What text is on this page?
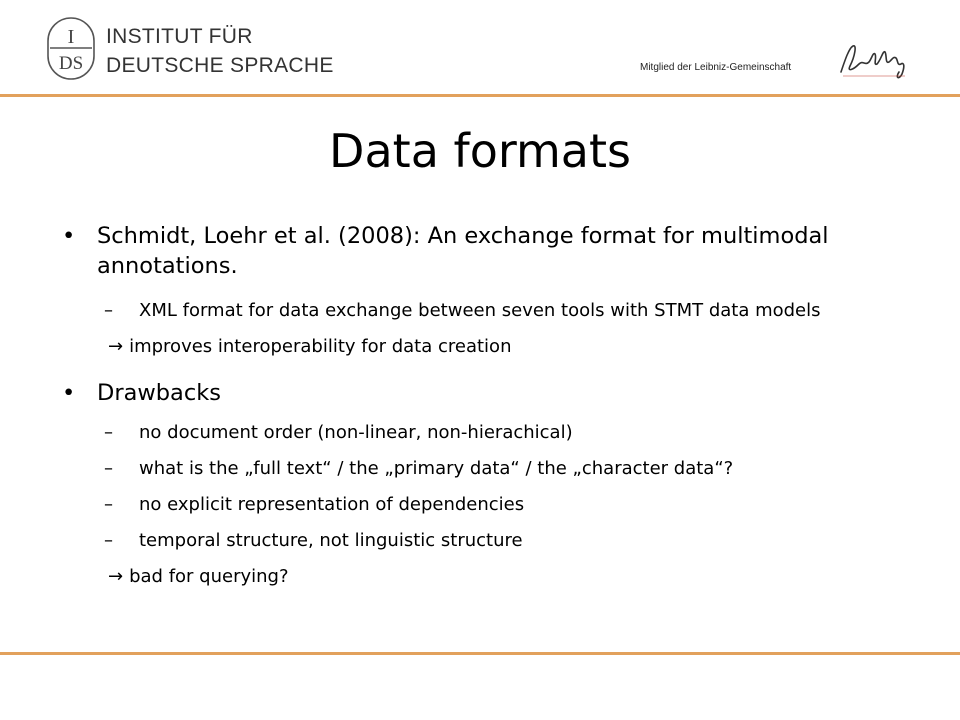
I
DS
INSTITUT FÜR
DEUTSCHE SPRACHE	Mitglied der Leibniz-Gemeinschaft
Data formats
• Schmidt, Loehr et al. (2008): An exchange format for multimodal annotations.
– XML format for data exchange between seven tools with STMT data models
→ improves interoperability for data creation
• Drawbacks
– no document order (non-linear, non-hierachical)
– what is the „full text“ / the „primary data“ / the „character data“?
– no explicit representation of dependencies
– temporal structure, not linguistic structure
→ bad for querying?
